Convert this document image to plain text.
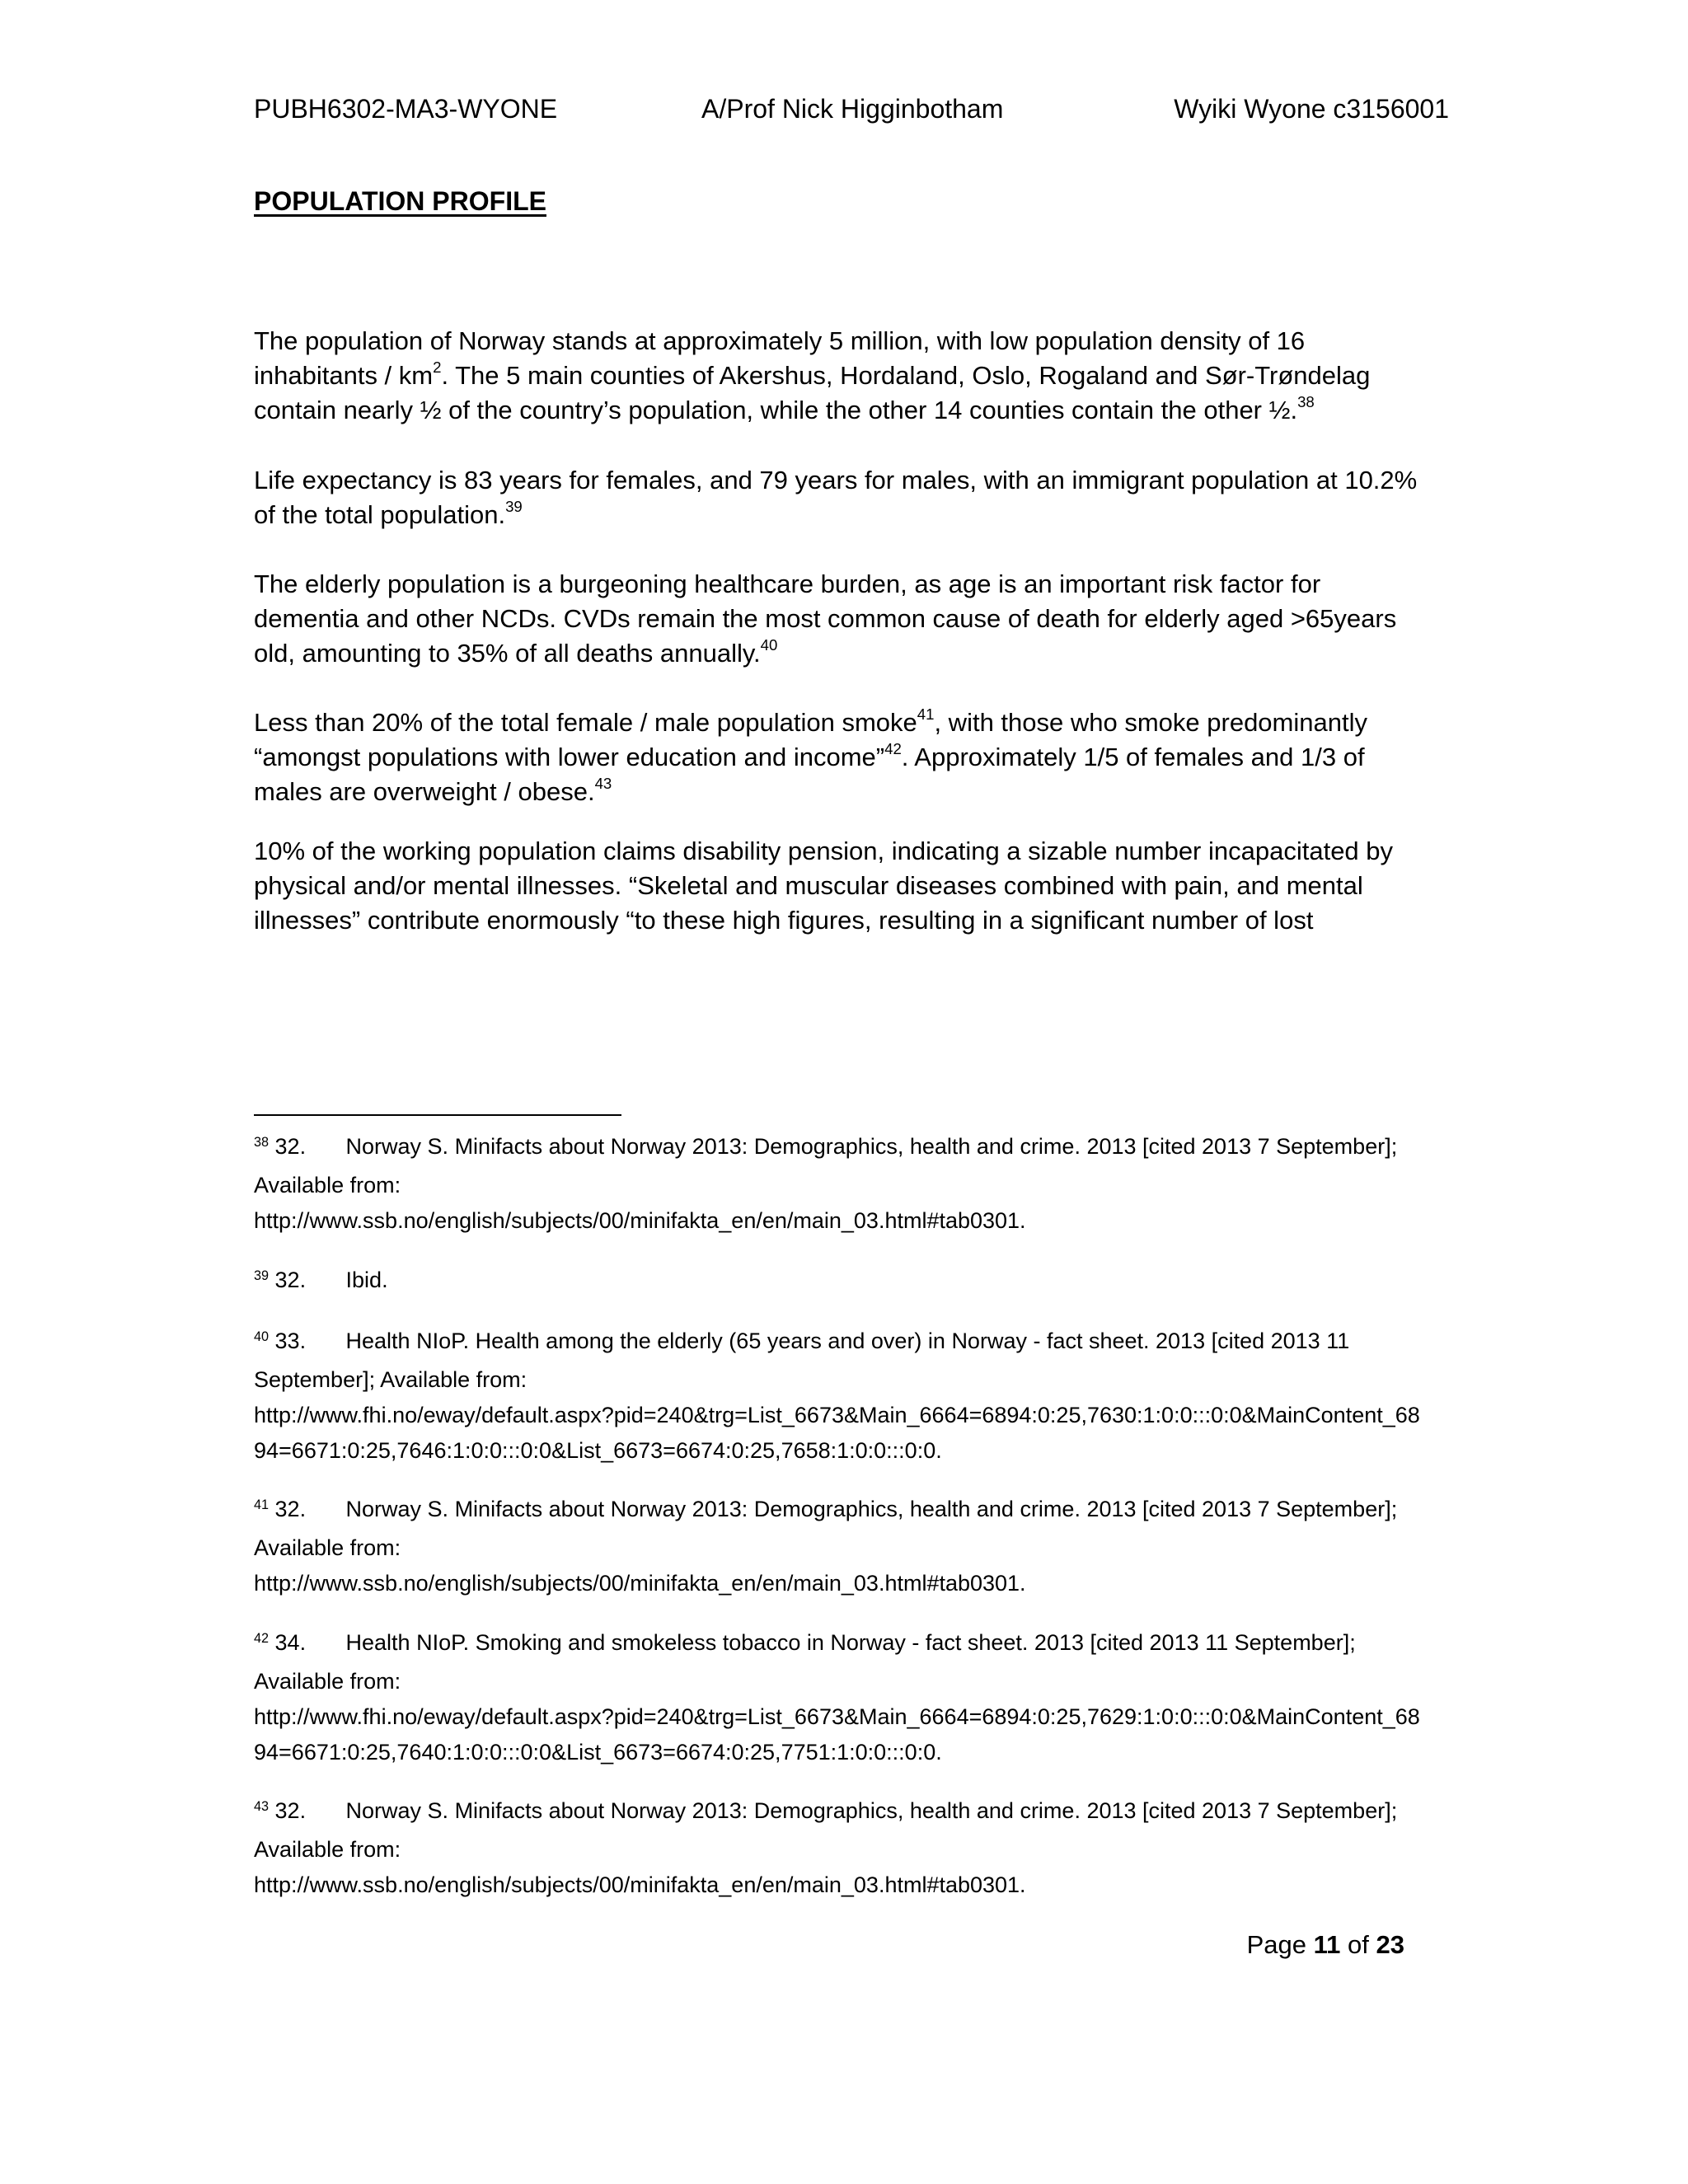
PUBH6302-MA3-WYONE	A/Prof Nick Higginbotham	Wyiki Wyone c3156001
POPULATION PROFILE

The population of Norway stands at approximately 5 million, with low population density of 16 inhabitants / $km^2$. The 5 main counties of Akershus, Hordaland, Oslo, Rogaland and Sør-Trøndelag contain nearly ½ of the country’s population, while the other 14 counties contain the other ½.$^{38}$

Life expectancy is 83 years for females, and 79 years for males, with an immigrant population at 10.2% of the total population.$^{39}$

The elderly population is a burgeoning healthcare burden, as age is an important risk factor for dementia and other NCDs. CVDs remain the most common cause of death for elderly aged >65years old, amounting to 35% of all deaths annually.$^{40}$

Less than 20% of the total female / male population smoke$^{41}$, with those who smoke predominantly “amongst populations with lower education and income”$^{42}$. Approximately 1/5 of females and 1/3 of males are overweight / obese.$^{43}$

10% of the working population claims disability pension, indicating a sizable number incapacitated by physical and/or mental illnesses. “Skeletal and muscular diseases combined with pain, and mental illnesses” contribute enormously “to these high figures, resulting in a significant number of lost

$^{38}$ 32. Norway S. Minifacts about Norway 2013: Demographics, health and crime. 2013 [cited 2013 7 September]; Available from:
http://www.ssb.no/english/subjects/00/minifakta_en/en/main_03.html#tab0301.

$^{39}$ 32. Ibid.

$^{40}$ 33. Health NIoP. Health among the elderly (65 years and over) in Norway - fact sheet. 2013 [cited 2013 11 September]; Available from:
http://www.fhi.no/eway/default.aspx?pid=240&trg=List_6673&Main_6664=6894:0:25,7630:1:0:0:::0:0&MainContent_6894=6671:0:25,7646:1:0:0:::0:0&List_6673=6674:0:25,7658:1:0:0:::0:0.

$^{41}$ 32. Norway S. Minifacts about Norway 2013: Demographics, health and crime. 2013 [cited 2013 7 September]; Available from:
http://www.ssb.no/english/subjects/00/minifakta_en/en/main_03.html#tab0301.

$^{42}$ 34. Health NIoP. Smoking and smokeless tobacco in Norway - fact sheet. 2013 [cited 2013 11 September]; Available from:
http://www.fhi.no/eway/default.aspx?pid=240&trg=List_6673&Main_6664=6894:0:25,7629:1:0:0:::0:0&MainContent_6894=6671:0:25,7640:1:0:0:::0:0&List_6673=6674:0:25,7751:1:0:0:::0:0.

$^{43}$ 32. Norway S. Minifacts about Norway 2013: Demographics, health and crime. 2013 [cited 2013 7 September]; Available from:
http://www.ssb.no/english/subjects/00/minifakta_en/en/main_03.html#tab0301.

Page 11 of 23
